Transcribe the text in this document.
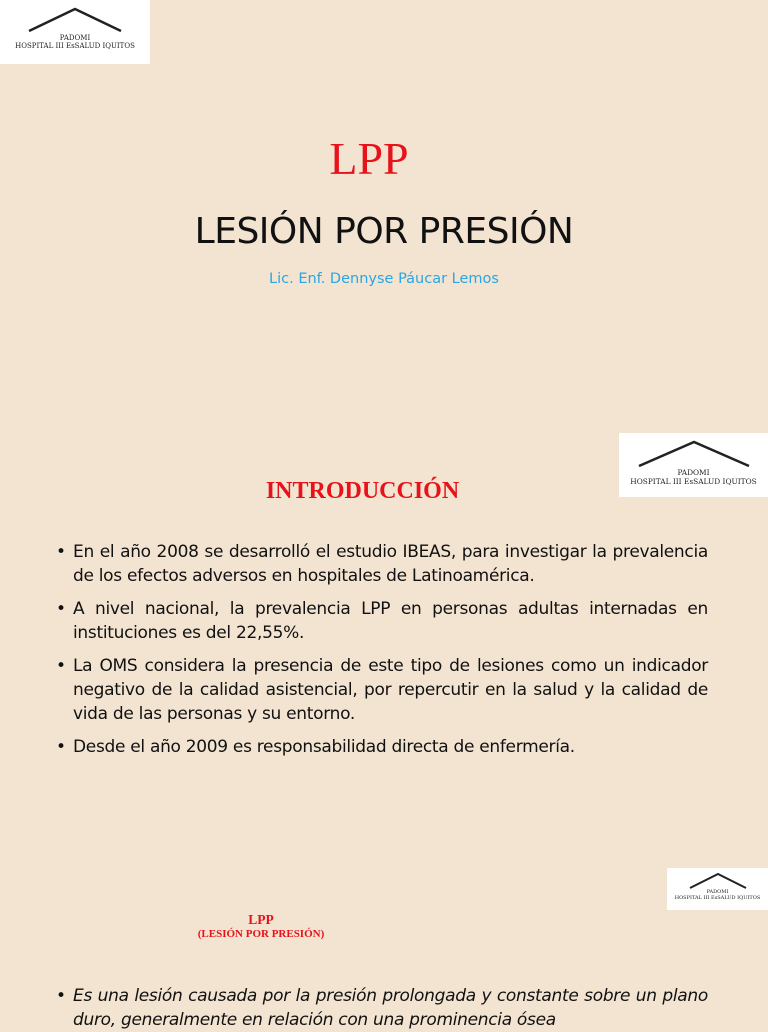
PADOMI
HOSPITAL III EsSALUD IQUITOS
LPP
LESIÓN POR PRESIÓN
Lic. Enf. Dennyse Páucar Lemos
PADOMI
HOSPITAL III EsSALUD IQUITOS
INTRODUCCIÓN
• En el año 2008 se desarrolló el estudio IBEAS, para investigar la prevalencia de los efectos adversos en hospitales de Latinoamérica.
• A nivel nacional, la prevalencia LPP en personas adultas internadas en instituciones es del 22,55%.
• La OMS considera la presencia de este tipo de lesiones como un indicador negativo de la calidad asistencial, por repercutir en la salud y la calidad de vida de las personas y su entorno.
• Desde el año 2009 es responsabilidad directa de enfermería.
PADOMI
HOSPITAL III EsSALUD IQUITOS
LPP
(LESIÓN POR PRESIÓN)
• Es una lesión causada por la presión prolongada y constante sobre un plano duro, generalmente en relación con una prominencia ósea
